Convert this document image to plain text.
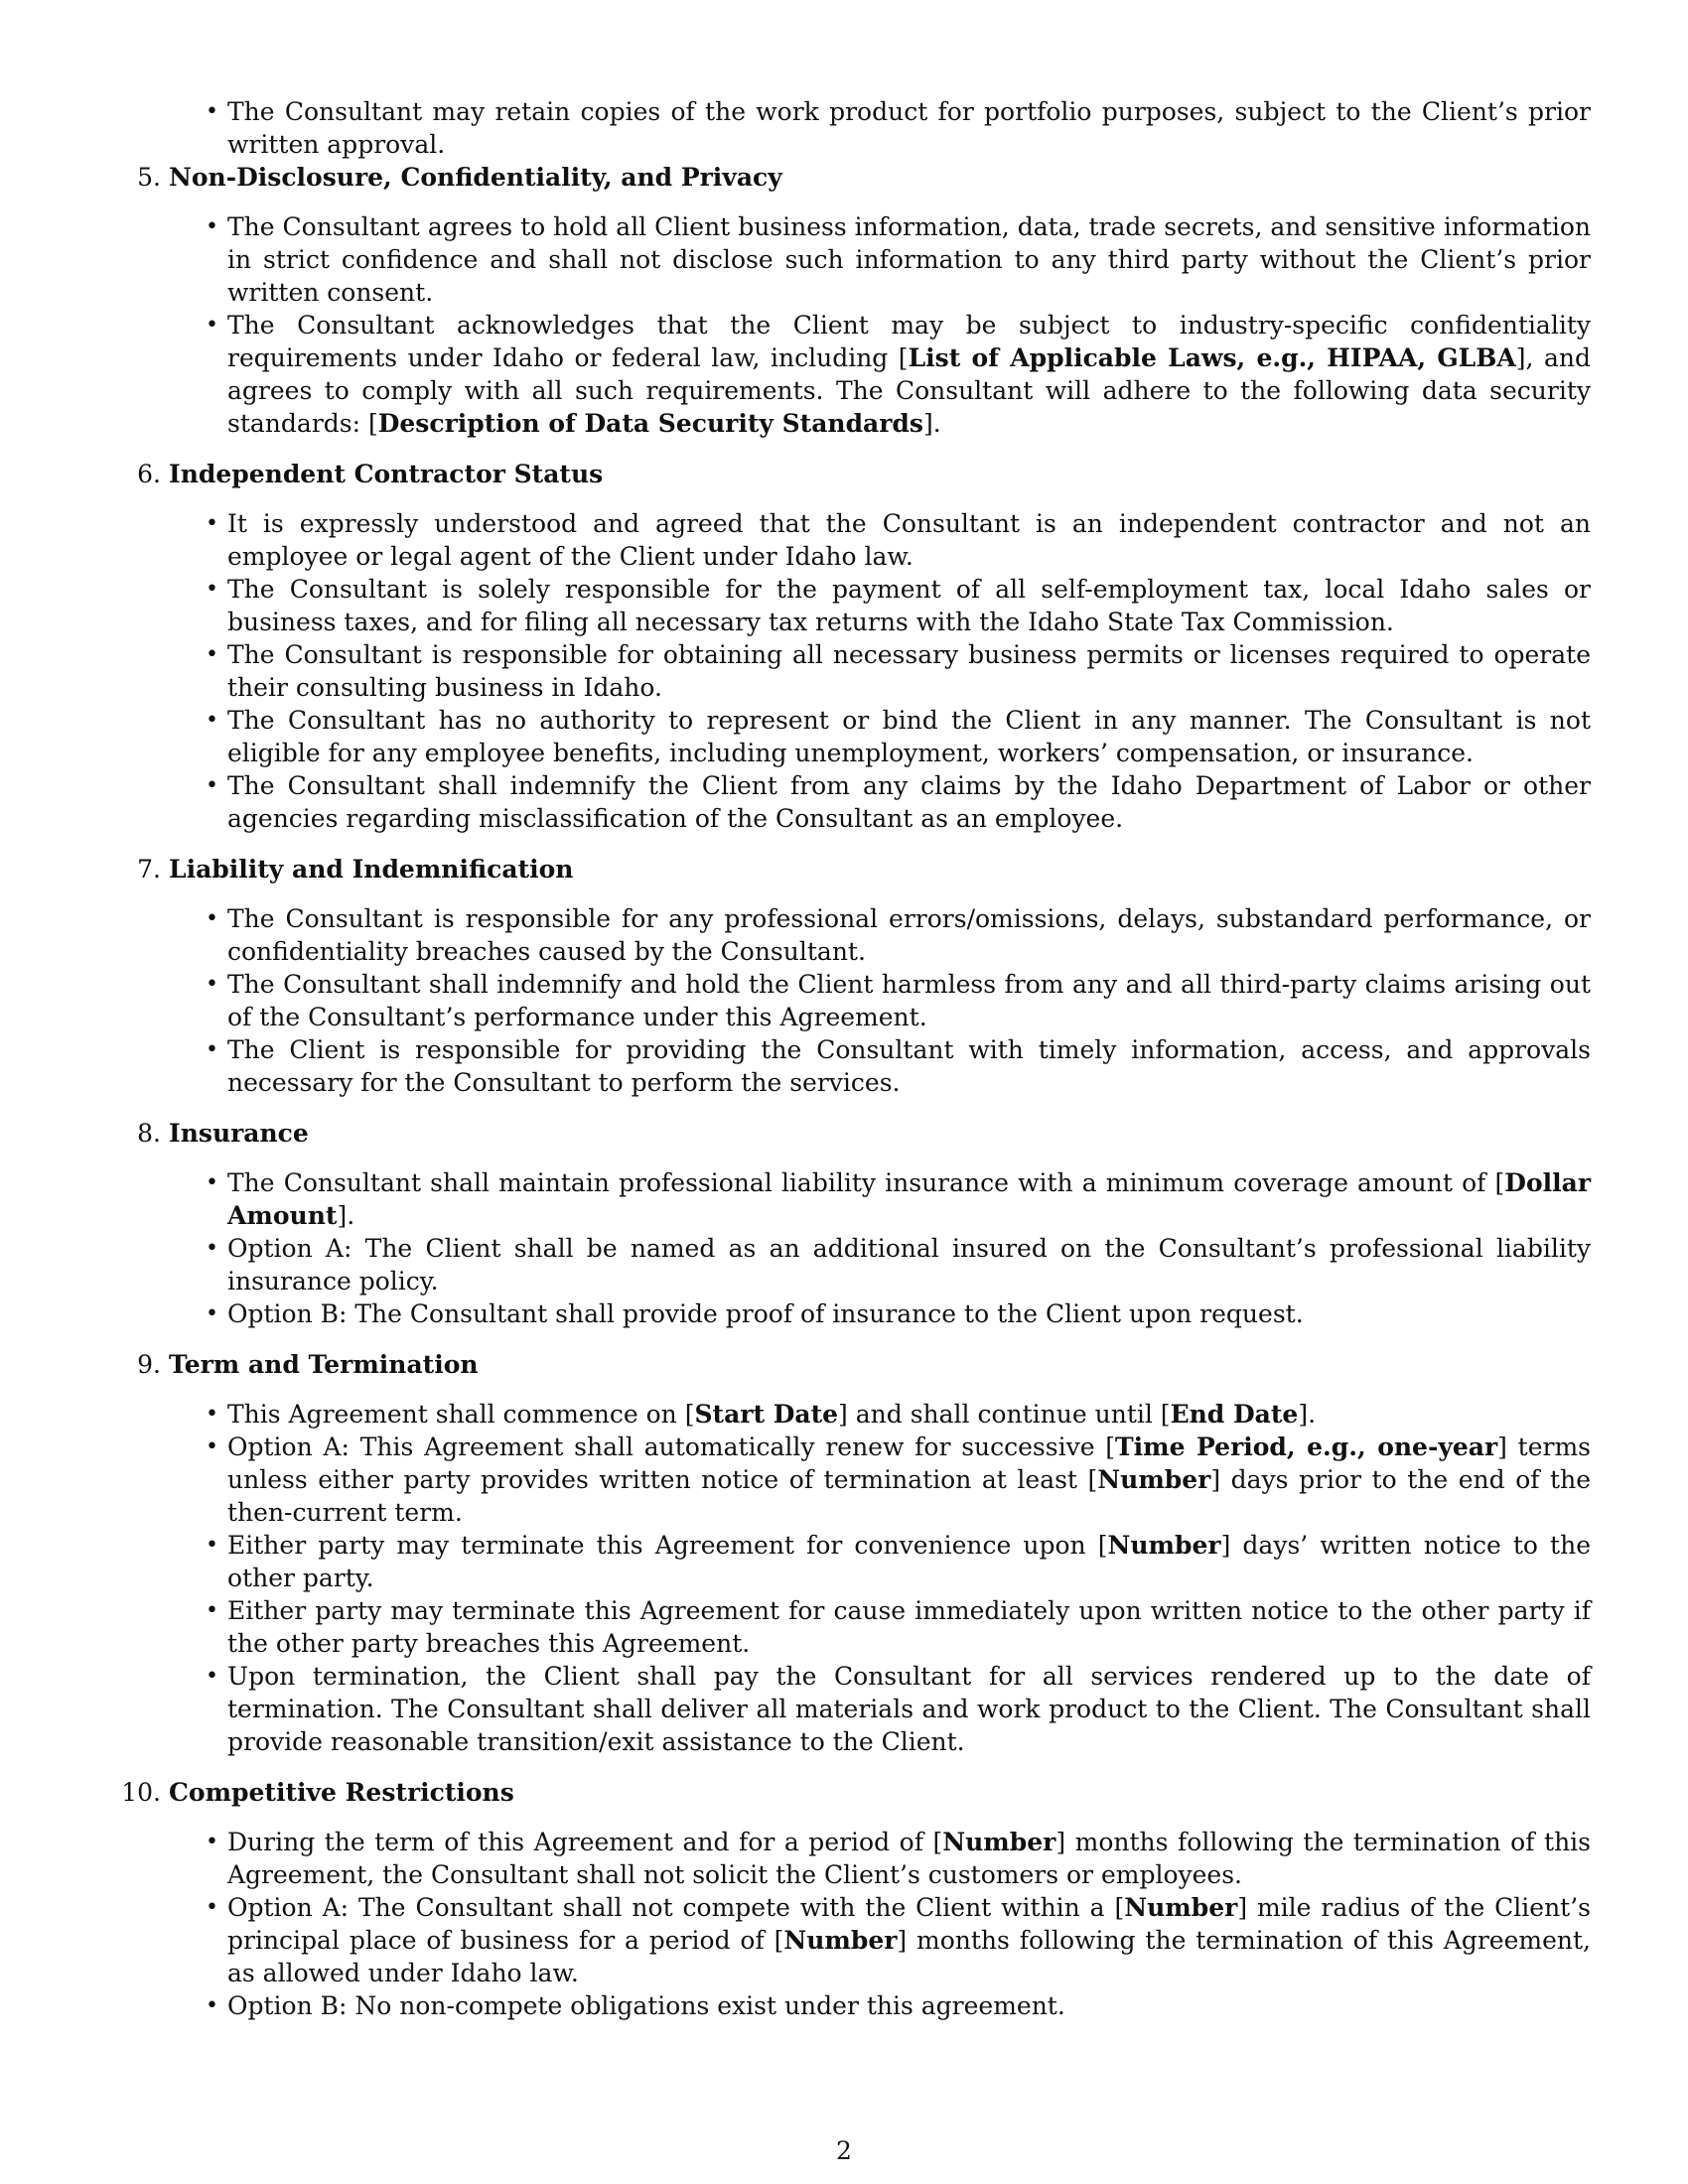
• The Consultant may retain copies of the work product for portfolio purposes, subject to the Client’s prior written approval.
5. Non-Disclosure, Confidentiality, and Privacy
• The Consultant agrees to hold all Client business information, data, trade secrets, and sensitive information in strict confidence and shall not disclose such information to any third party without the Client’s prior written consent.
• The Consultant acknowledges that the Client may be subject to industry-specific confidentiality requirements under Idaho or federal law, including [List of Applicable Laws, e.g., HIPAA, GLBA], and agrees to comply with all such requirements. The Consultant will adhere to the following data security standards: [Description of Data Security Standards].
6. Independent Contractor Status
• It is expressly understood and agreed that the Consultant is an independent contractor and not an employee or legal agent of the Client under Idaho law.
• The Consultant is solely responsible for the payment of all self-employment tax, local Idaho sales or business taxes, and for filing all necessary tax returns with the Idaho State Tax Commission.
• The Consultant is responsible for obtaining all necessary business permits or licenses required to operate their consulting business in Idaho.
• The Consultant has no authority to represent or bind the Client in any manner. The Consultant is not eligible for any employee benefits, including unemployment, workers’ compensation, or insurance.
• The Consultant shall indemnify the Client from any claims by the Idaho Department of Labor or other agencies regarding misclassification of the Consultant as an employee.
7. Liability and Indemnification
• The Consultant is responsible for any professional errors/omissions, delays, substandard performance, or confidentiality breaches caused by the Consultant.
• The Consultant shall indemnify and hold the Client harmless from any and all third-party claims arising out of the Consultant’s performance under this Agreement.
• The Client is responsible for providing the Consultant with timely information, access, and approvals necessary for the Consultant to perform the services.
8. Insurance
• The Consultant shall maintain professional liability insurance with a minimum coverage amount of [Dollar Amount].
• Option A: The Client shall be named as an additional insured on the Consultant’s professional liability insurance policy.
• Option B: The Consultant shall provide proof of insurance to the Client upon request.
9. Term and Termination
• This Agreement shall commence on [Start Date] and shall continue until [End Date].
• Option A: This Agreement shall automatically renew for successive [Time Period, e.g., one-year] terms unless either party provides written notice of termination at least [Number] days prior to the end of the then-current term.
• Either party may terminate this Agreement for convenience upon [Number] days’ written notice to the other party.
• Either party may terminate this Agreement for cause immediately upon written notice to the other party if the other party breaches this Agreement.
• Upon termination, the Client shall pay the Consultant for all services rendered up to the date of termination. The Consultant shall deliver all materials and work product to the Client. The Consultant shall provide reasonable transition/exit assistance to the Client.
10. Competitive Restrictions
• During the term of this Agreement and for a period of [Number] months following the termination of this Agreement, the Consultant shall not solicit the Client’s customers or employees.
• Option A: The Consultant shall not compete with the Client within a [Number] mile radius of the Client’s principal place of business for a period of [Number] months following the termination of this Agreement, as allowed under Idaho law.
• Option B: No non-compete obligations exist under this agreement.
2
